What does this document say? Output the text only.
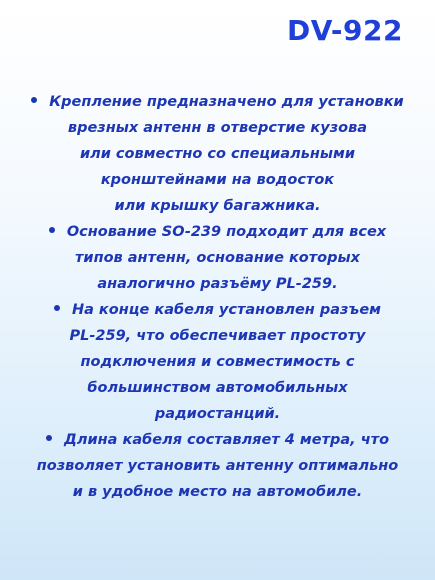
DV-922
Крепление предназначено для установки
врезных антенн в отверстие кузова
или совместно со специальными
кронштейнами на водосток
или крышку багажника.
Основание SO-239 подходит для всех
типов антенн, основание которых
аналогично разъёму PL-259.
На конце кабеля установлен разъем
PL-259, что обеспечивает простоту
подключения и совместимость с
большинством автомобильных
радиостанций.
Длина кабеля составляет 4 метра, что
позволяет установить антенну оптимально
и в удобное место на автомобиле.
